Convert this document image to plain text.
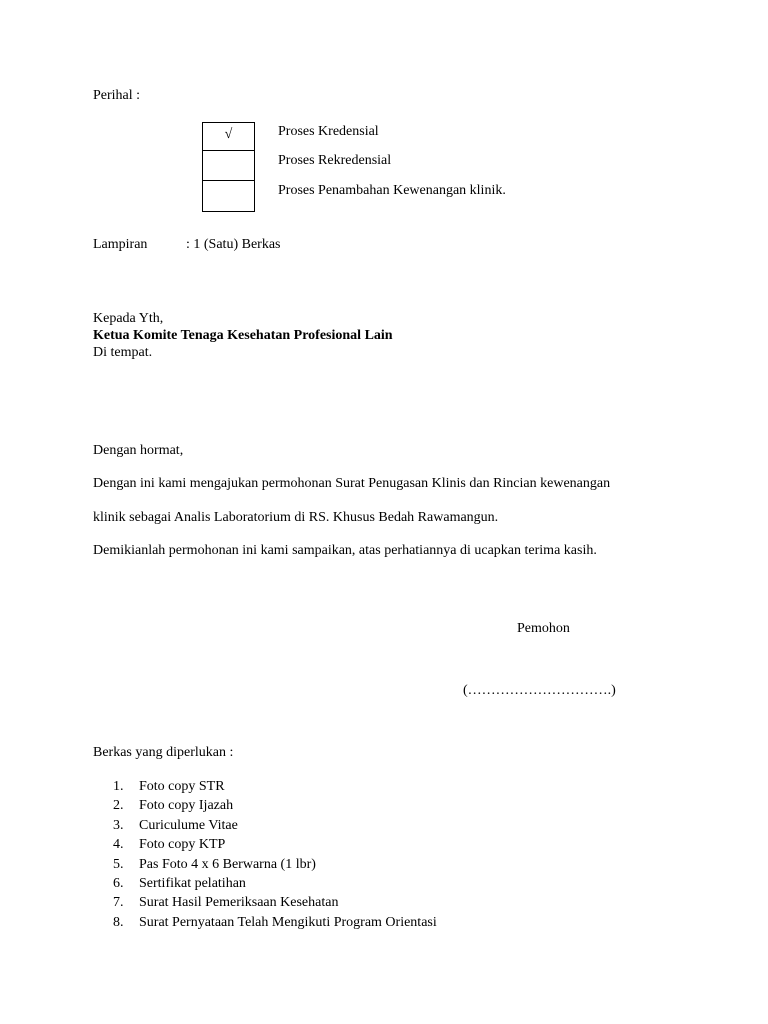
Perihal :
√	Proses Kredensial
Proses Rekredensial
Proses Penambahan Kewenangan klinik.
Lampiran	: 1 (Satu) Berkas
Kepada Yth,
Ketua Komite Tenaga Kesehatan Profesional Lain
Di tempat.
Dengan hormat,
Dengan ini kami mengajukan permohonan Surat Penugasan Klinis dan Rincian kewenangan
klinik sebagai Analis Laboratorium di RS. Khusus Bedah Rawamangun.
Demikianlah permohonan ini kami sampaikan, atas perhatiannya di ucapkan terima kasih.
Pemohon
(………………………….)
Berkas yang diperlukan :
1. Foto copy STR
2. Foto copy Ijazah
3. Curiculume Vitae
4. Foto copy KTP
5. Pas Foto 4 x 6 Berwarna (1 lbr)
6. Sertifikat pelatihan
7. Surat Hasil Pemeriksaan Kesehatan
8. Surat Pernyataan Telah Mengikuti Program Orientasi
